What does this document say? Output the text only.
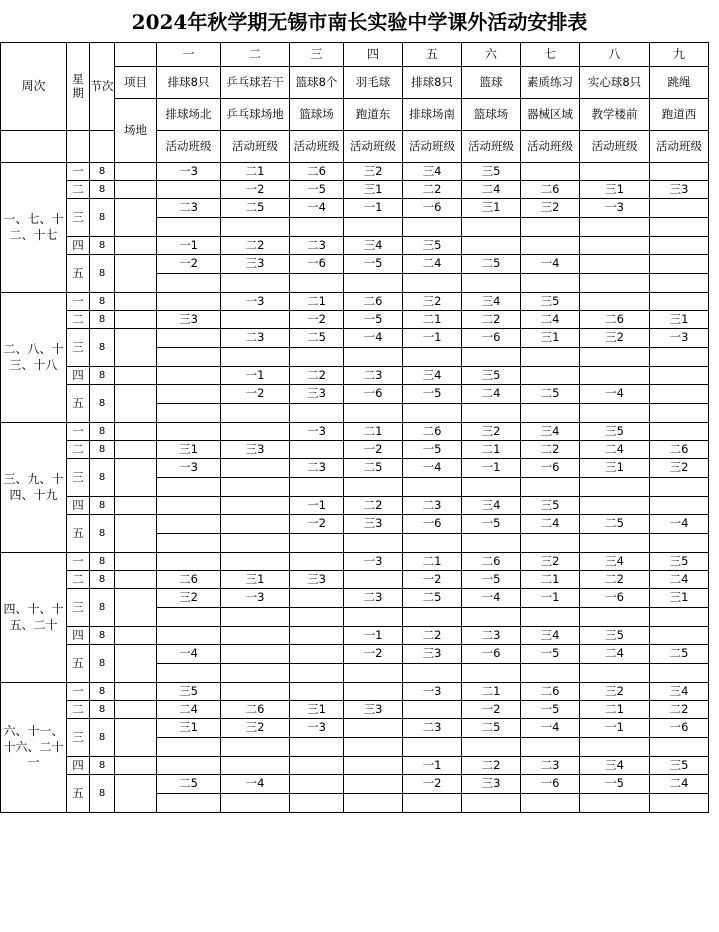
2024年秋学期无锡市南长实验中学课外活动安排表
周次	星期	节次		一	二	三	四	五	六	七	八	九
			项目	排球8只	乒乓球若干	篮球8个	羽毛球	排球8只	篮球	素质练习	实心球8只	跳绳
			场地	排球场北	乒乓球场地	篮球场	跑道东	排球场南	篮球场	器械区域	教学楼前	跑道西
				活动班级	活动班级	活动班级	活动班级	活动班级	活动班级	活动班级	活动班级	活动班级
一、七、十二、十七	一	8		一3	二1	二6	三2	三4	三5			
	二	8			一2	一5	三1	二2	二4	二6	三1	三3
	三	8		二3	二5	一4	一1	一6	三1	三2	一3	

	四	8		一1	二2	二3	三4	三5				
	五	8		一2	三3	一6	一5	二4	二5	一4		

二、八、十三、十八	一	8			一3	二1	二6	三2	三4	三5		
	二	8		三3		一2	一5	二1	二2	二4	二6	三1
	三	8			二3	二5	一4	一1	一6	三1	三2	一3

	四	8			一1	二2	二3	三4	三5			
	五	8			一2	三3	一6	一5	二4	二5	一4	

三、九、十四、十九	一	8				一3	二1	二6	三2	三4	三5	
	二	8		三1	三3		一2	一5	二1	二2	二4	二6
	三	8		一3		二3	二5	一4	一1	一6	三1	三2

	四	8				一1	二2	二3	三4	三5		
	五	8				一2	三3	一6	一5	二4	二5	一4

四、十、十五、二十	一	8					一3	二1	二6	三2	三4	三5
	二	8		二6	三1	三3		一2	一5	二1	二2	二4
	三	8		三2	一3		二3	二5	一4	一1	一6	三1

	四	8					一1	二2	二3	三4	三5	
	五	8		一4			一2	三3	一6	一5	二4	二5

六、十一、十六、二十一	一	8		三5				一3	二1	二6	三2	三4
	二	8		二4	二6	三1	三3		一2	一5	二1	二2
	三	8		三1	三2	一3		二3	二5	一4	一1	一6

	四	8						一1	二2	二3	三4	三5
	五	8		二5	一4			一2	三3	一6	一5	二4
